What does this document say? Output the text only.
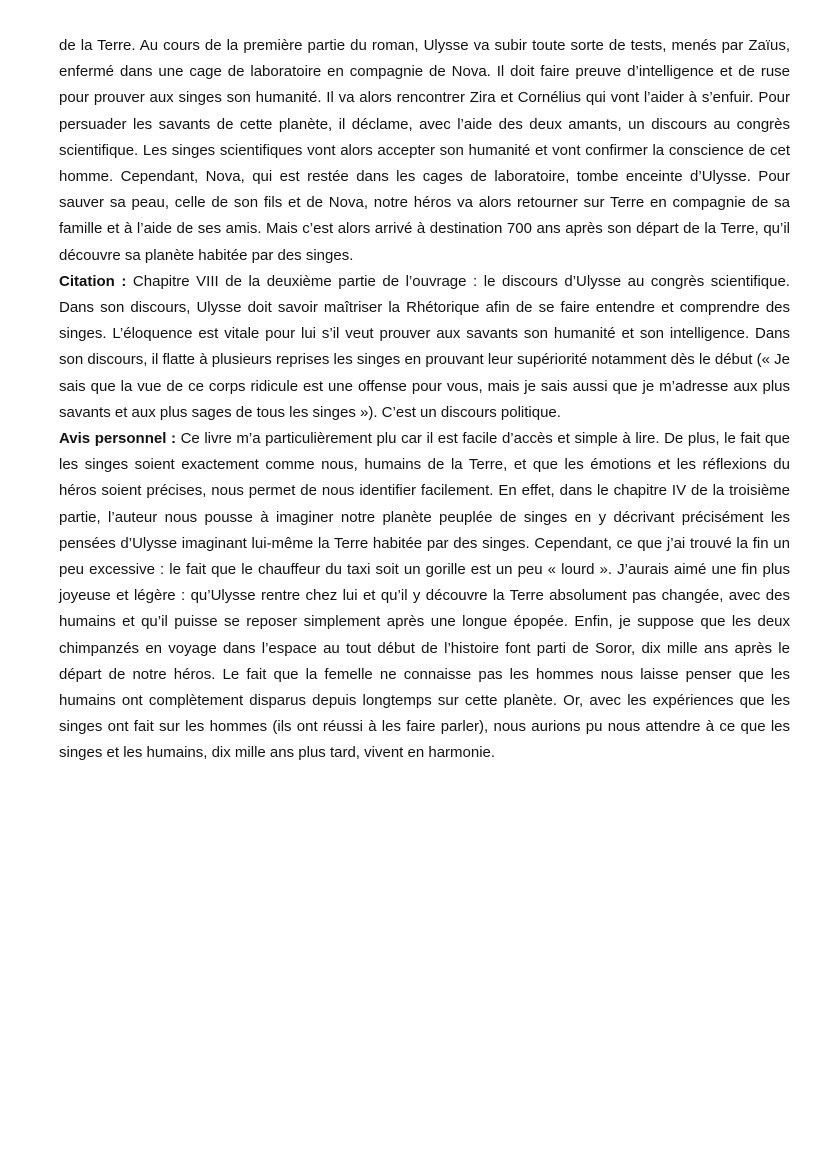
de la Terre. Au cours de la première partie du roman, Ulysse va subir toute sorte de tests, menés par Zaïus, enfermé dans une cage de laboratoire en compagnie de Nova. Il doit faire preuve d’intelligence et de ruse pour prouver aux singes son humanité. Il va alors rencontrer Zira et Cornélius qui vont l’aider à s’enfuir. Pour persuader les savants de cette planète, il déclame, avec l’aide des deux amants, un discours au congrès scientifique. Les singes scientifiques vont alors accepter son humanité et vont confirmer la conscience de cet homme. Cependant, Nova, qui est restée dans les cages de laboratoire, tombe enceinte d’Ulysse. Pour sauver sa peau, celle de son fils et de Nova, notre héros va alors retourner sur Terre en compagnie de sa famille et à l’aide de ses amis. Mais c’est alors arrivé à destination 700 ans après son départ de la Terre, qu’il découvre sa planète habitée par des singes.

Citation : Chapitre VIII de la deuxième partie de l’ouvrage : le discours d’Ulysse au congrès scientifique. Dans son discours, Ulysse doit savoir maîtriser la Rhétorique afin de se faire entendre et comprendre des singes. L’éloquence est vitale pour lui s’il veut prouver aux savants son humanité et son intelligence. Dans son discours, il flatte à plusieurs reprises les singes en prouvant leur supériorité notamment dès le début (« Je sais que la vue de ce corps ridicule est une offense pour vous, mais je sais aussi que je m’adresse aux plus savants et aux plus sages de tous les singes »). C’est un discours politique.

Avis personnel : Ce livre m’a particulièrement plu car il est facile d’accès et simple à lire. De plus, le fait que les singes soient exactement comme nous, humains de la Terre, et que les émotions et les réflexions du héros soient précises, nous permet de nous identifier facilement. En effet, dans le chapitre IV de la troisième partie, l’auteur nous pousse à imaginer notre planète peuplée de singes en y décrivant précisément les pensées d’Ulysse imaginant lui-même la Terre habitée par des singes. Cependant, ce que j’ai trouvé la fin un peu excessive : le fait que le chauffeur du taxi soit un gorille est un peu « lourd ». J’aurais aimé une fin plus joyeuse et légère : qu’Ulysse rentre chez lui et qu’il y découvre la Terre absolument pas changée, avec des humains et qu’il puisse se reposer simplement après une longue épopée. Enfin, je suppose que les deux chimpanzés en voyage dans l’espace au tout début de l’histoire font parti de Soror, dix mille ans après le départ de notre héros. Le fait que la femelle ne connaisse pas les hommes nous laisse penser que les humains ont complètement disparus depuis longtemps sur cette planète. Or, avec les expériences que les singes ont fait sur les hommes (ils ont réussi à les faire parler), nous aurions pu nous attendre à ce que les singes et les humains, dix mille ans plus tard, vivent en harmonie.
